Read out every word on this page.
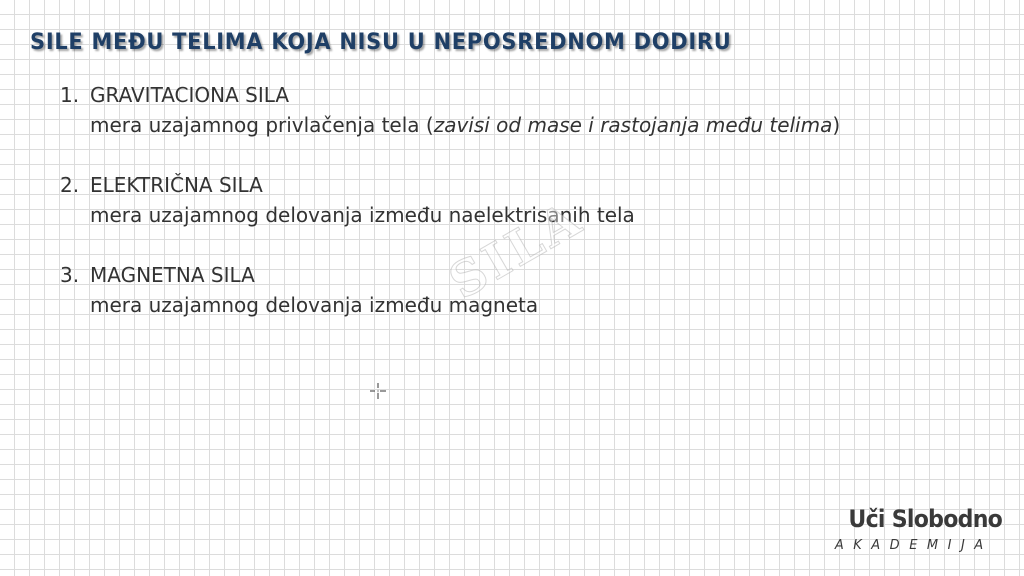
SILE MEĐU TELIMA KOJA NISU U NEPOSREDNOM DODIRU
1. GRAVITACIONA SILA
mera uzajamnog privlačenja tela (zavisi od mase i rastojanja među telima)
2. ELEKTRIČNA SILA
mera uzajamnog delovanja između naelektrisanih tela
3. MAGNETNA SILA
mera uzajamnog delovanja između magneta
SILA
Uči Slobodno
AKADEMIJA
